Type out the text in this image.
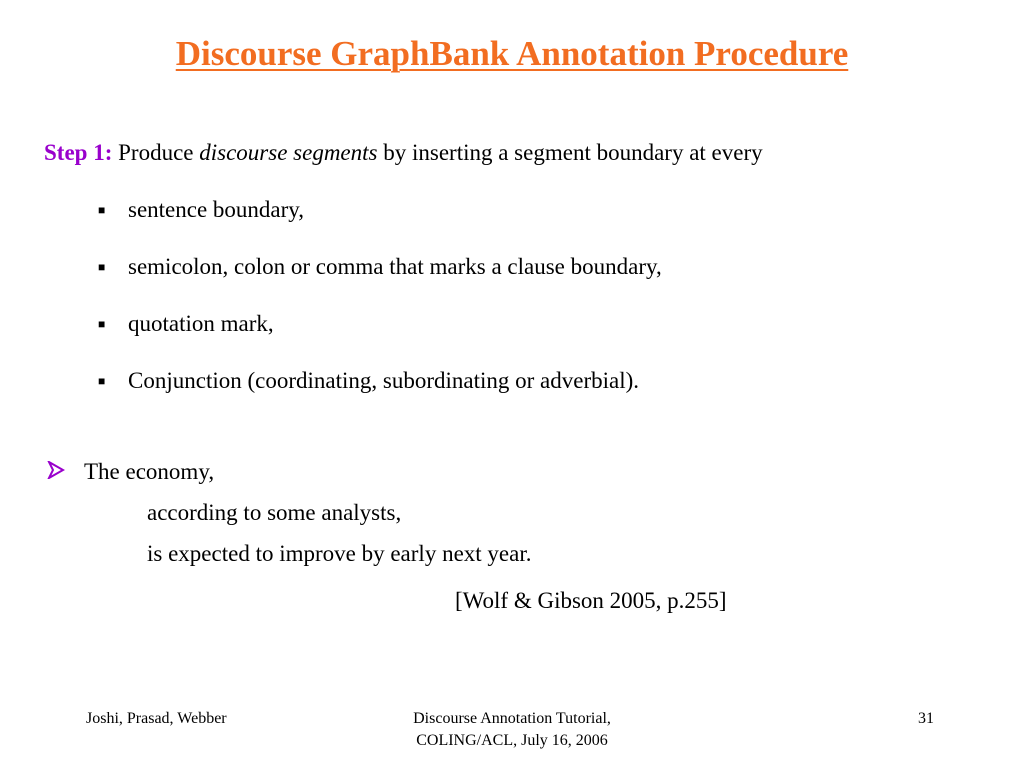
Discourse GraphBank Annotation Procedure
Step 1: Produce discourse segments by inserting a segment boundary at every
■ sentence boundary,
■ semicolon, colon or comma that marks a clause boundary,
■ quotation mark,
■ Conjunction (coordinating, subordinating or adverbial).
The economy,
according to some analysts,
is expected to improve by early next year.
[Wolf & Gibson 2005, p.255]
Joshi, Prasad, Webber	Discourse Annotation Tutorial,
COLING/ACL, July 16, 2006
31
